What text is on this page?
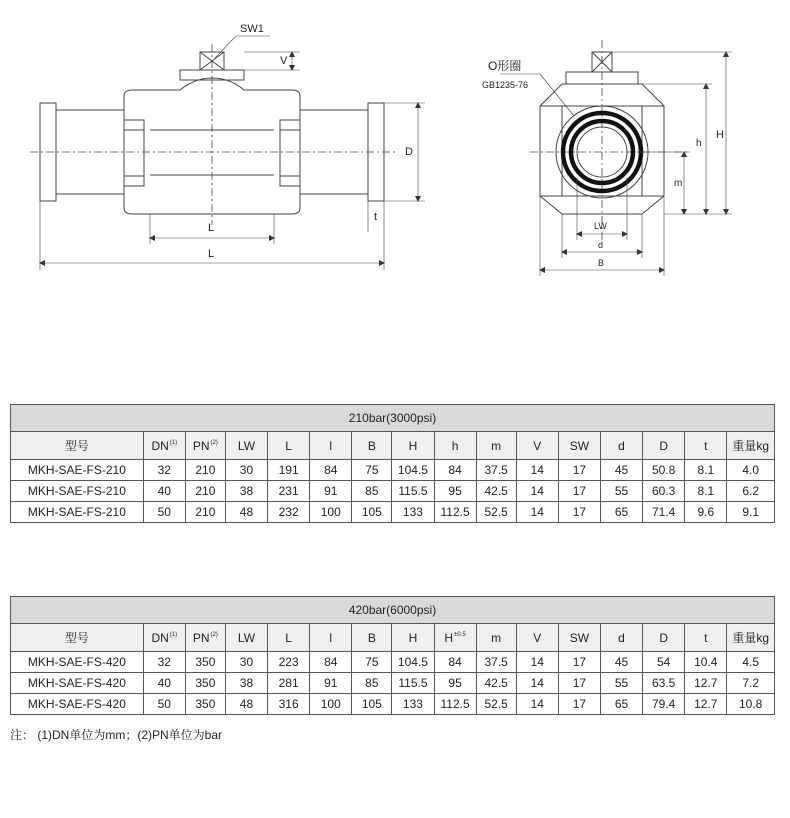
SW1
V
D
t
L
L
O形圈
GB1235-76
H
h
m
LW
d
B
210bar(3000psi)															
型号	DN$^{(1)}$	PN$^{(2)}$	LW	L	l	B	H	h	m	V	SW	d	D	t	重量kg
MKH-SAE-FS-210	32	210	30	191	84	75	104.5	84	37.5	14	17	45	50.8	8.1	4.0
MKH-SAE-FS-210	40	210	38	231	91	85	115.5	95	42.5	14	17	55	60.3	8.1	6.2
MKH-SAE-FS-210	50	210	48	232	100	105	133	112.5	52.5	14	17	65	71.4	9.6	9.1
420bar(6000psi)															
型号	DN$^{(1)}$	PN$^{(2)}$	LW	L	l	B	H	$H^{\pm 0.5}$	m	V	SW	d	D	t	重量kg
MKH-SAE-FS-420	32	350	30	223	84	75	104.5	84	37.5	14	17	45	54	10.4	4.5
MKH-SAE-FS-420	40	350	38	281	91	85	115.5	95	42.5	14	17	55	63.5	12.7	7.2
MKH-SAE-FS-420	50	350	48	316	100	105	133	112.5	52.5	14	17	65	79.4	12.7	10.8
注： (1)DN单位为mm；(2)PN单位为bar
